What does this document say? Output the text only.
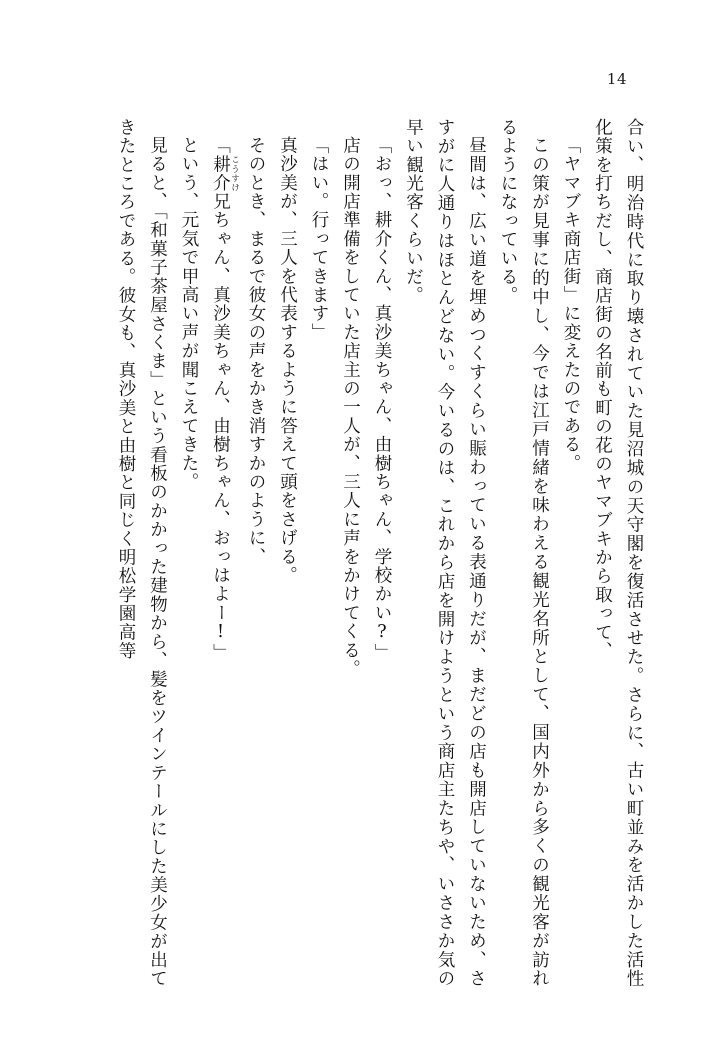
14

合い、明治時代に取り壊されていた見沼城の天守閣を復活させた。さらに、古い町並みを活かした活性化策を打ちだし、商店街の名前も町の花のヤマブキから取って、

「ヤマブキ商店街」に変えたのである。

この策が見事に的中し、今では江戸情緒を味わえる観光名所として、国内外から多くの観光客が訪れるようになっている。

昼間は、広い道を埋めつくすくらい賑わっている表通りだが、まだどの店も開店していないため、さすがに人通りはほとんどない。今いるのは、これから店を開けようという商店主たちや、いささか気の早い観光客くらいだ。

「おっ、耕介くん、真沙美ちゃん、由樹ちゃん、学校かい?」

店の開店準備をしていた店主の一人が、三人に声をかけてくる。

「はい。行ってきます」

真沙美が、三人を代表するように答えて頭をさげる。

そのとき、まるで彼女の声をかき消すかのように、

「耕介 こうすけ兄ちゃん、真沙美ちゃん、由樹ちゃん、おっはよー!」

という、元気で甲高い声が聞こえてきた。

見ると、「和菓子茶屋さくま」という看板のかかった建物から、髪をツインテールにした美少女が出てきたところである。彼女も、真沙美と由樹と同じく明松学園高等
